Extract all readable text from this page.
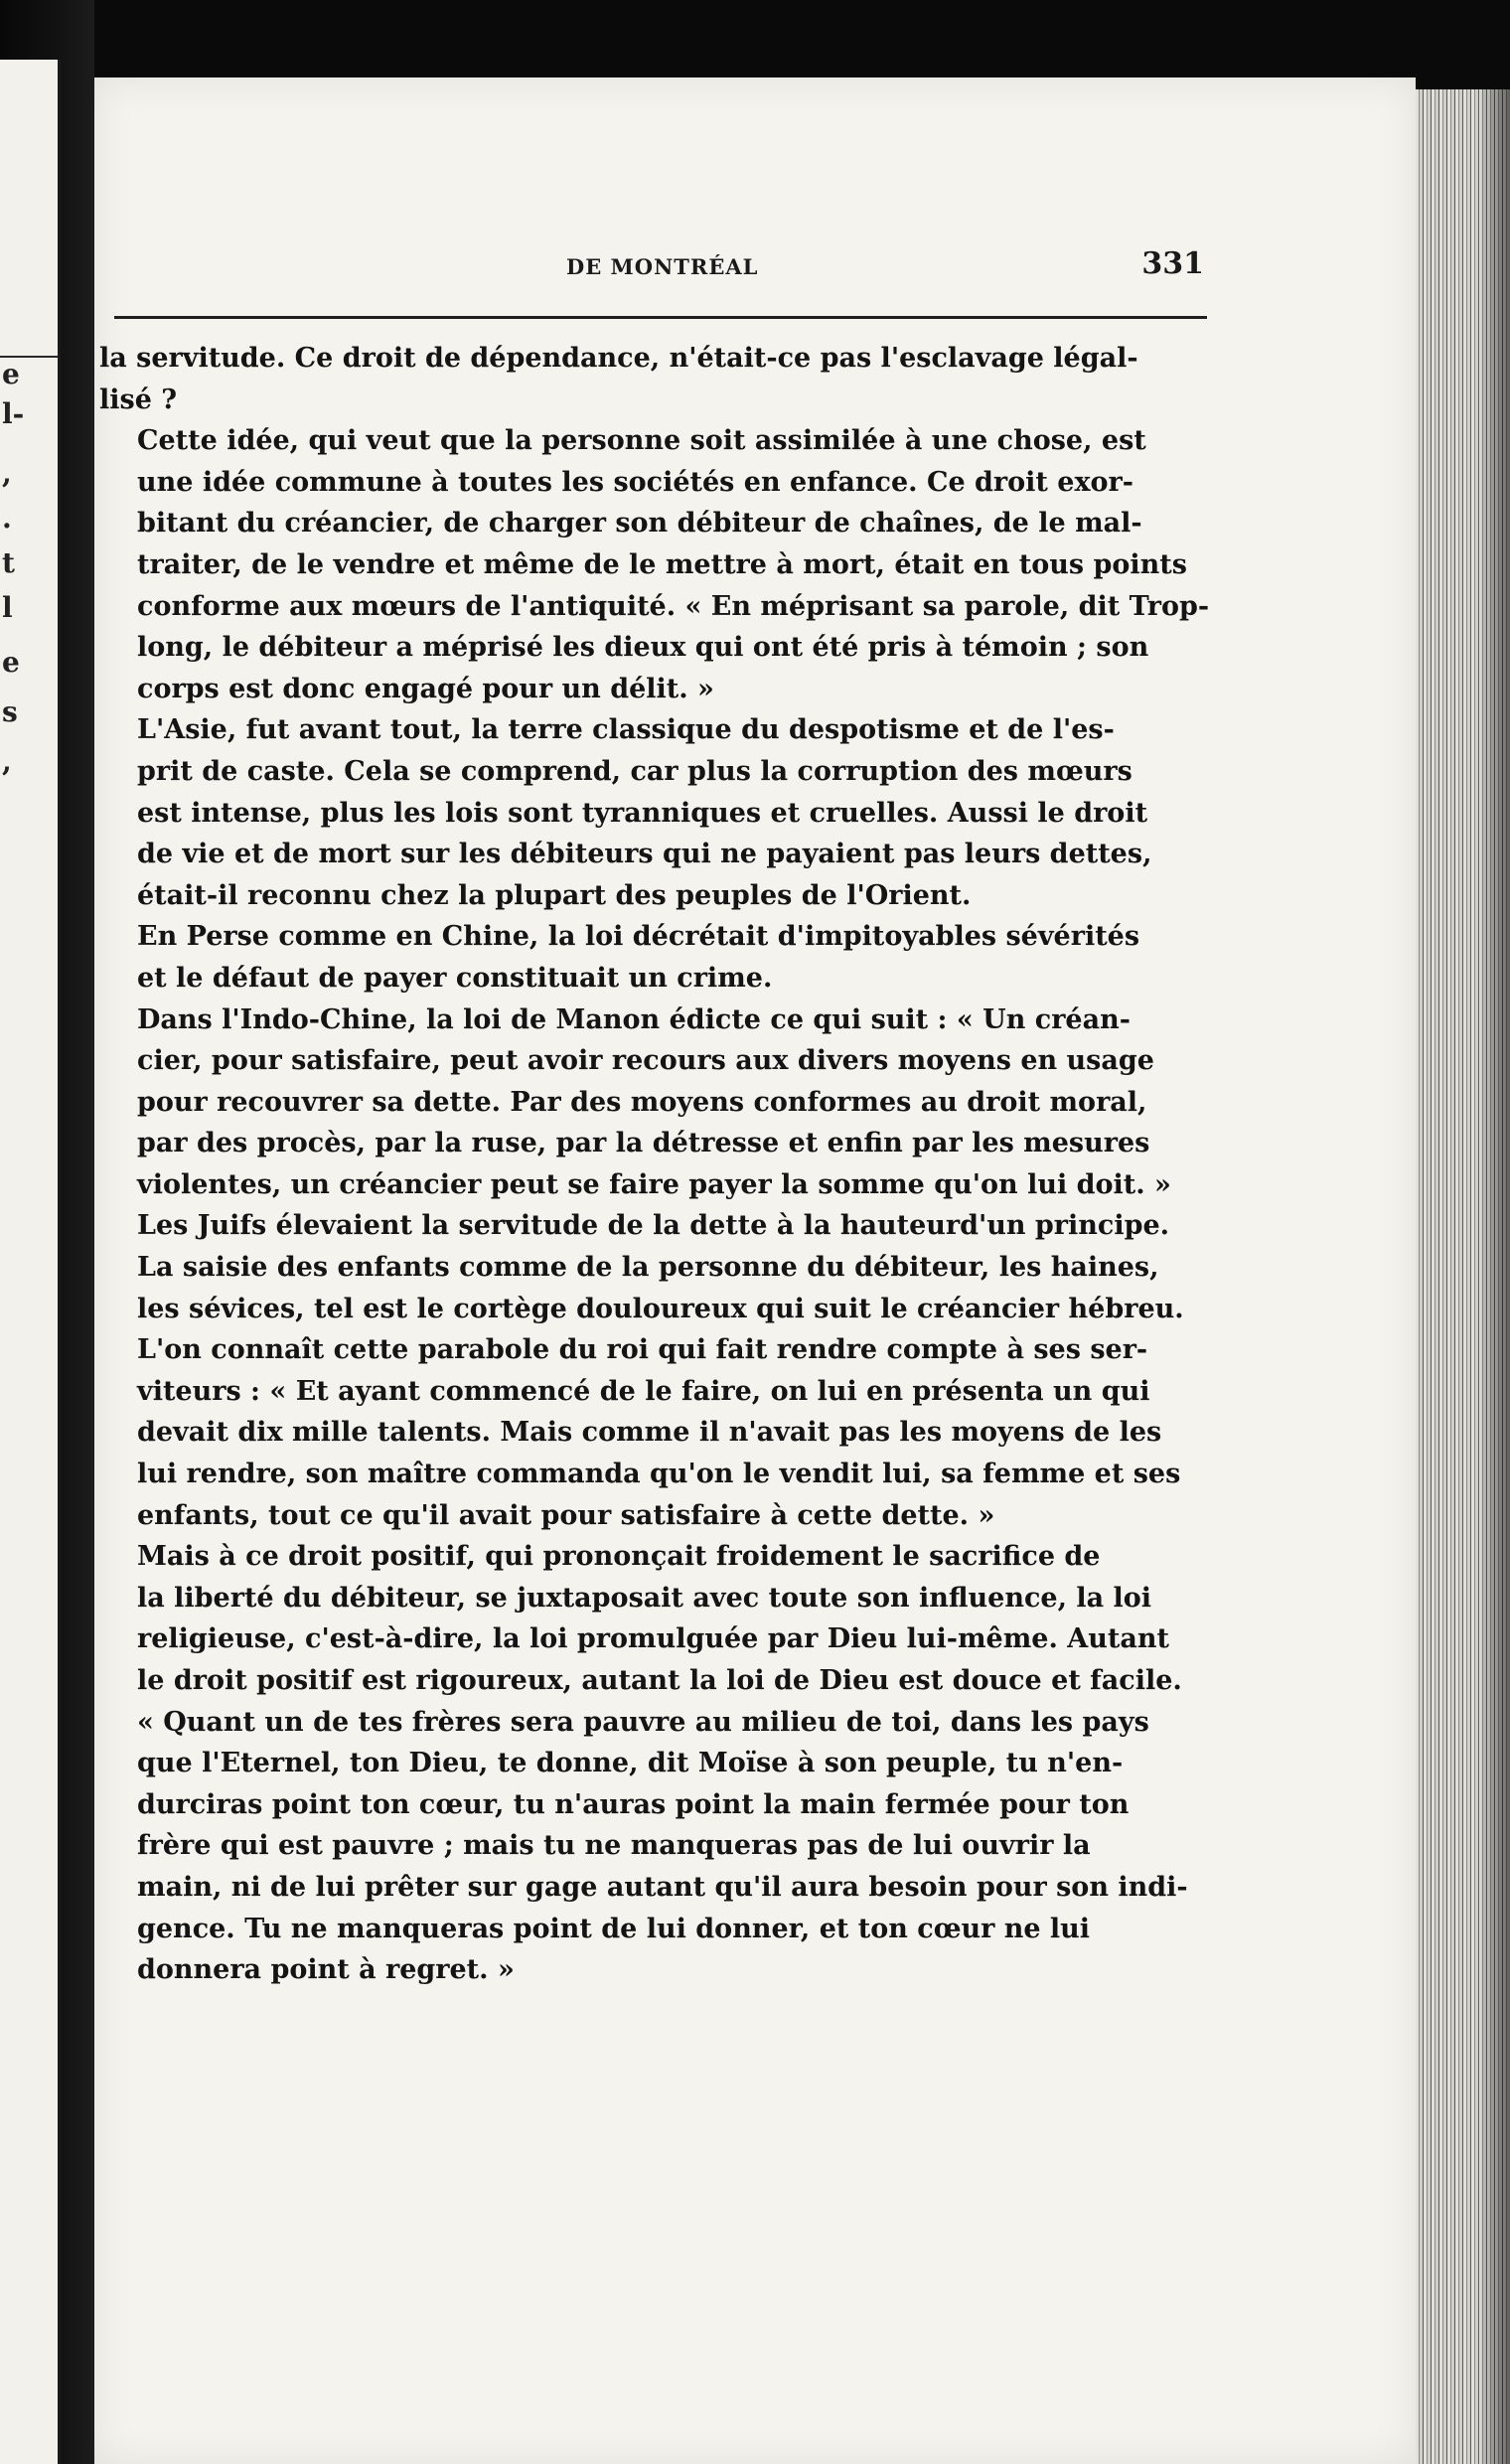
e
l-
,
.
t
l
e
s
,
DE MONTRÉAL	331

la servitude. Ce droit de dépendance, n'était-ce pas l'esclavage légal-
lisé ?

Cette idée, qui veut que la personne soit assimilée à une chose, est
une idée commune à toutes les sociétés en enfance. Ce droit exor-
bitant du créancier, de charger son débiteur de chaînes, de le mal-
traiter, de le vendre et même de le mettre à mort, était en tous points
conforme aux mœurs de l'antiquité. « En méprisant sa parole, dit Trop-
long, le débiteur a méprisé les dieux qui ont été pris à témoin ; son
corps est donc engagé pour un délit. »

L'Asie, fut avant tout, la terre classique du despotisme et de l'es-
prit de caste. Cela se comprend, car plus la corruption des mœurs
est intense, plus les lois sont tyranniques et cruelles. Aussi le droit
de vie et de mort sur les débiteurs qui ne payaient pas leurs dettes,
était-il reconnu chez la plupart des peuples de l'Orient.

En Perse comme en Chine, la loi décrétait d'impitoyables sévérités
et le défaut de payer constituait un crime.

Dans l'Indo-Chine, la loi de Manon édicte ce qui suit : « Un créan-
cier, pour satisfaire, peut avoir recours aux divers moyens en usage
pour recouvrer sa dette. Par des moyens conformes au droit moral,
par des procès, par la ruse, par la détresse et enfin par les mesures
violentes, un créancier peut se faire payer la somme qu'on lui doit. »

Les Juifs élevaient la servitude de la dette à la hauteurd'un principe.
La saisie des enfants comme de la personne du débiteur, les haines,
les sévices, tel est le cortège douloureux qui suit le créancier hébreu.
L'on connaît cette parabole du roi qui fait rendre compte à ses ser-
viteurs : « Et ayant commencé de le faire, on lui en présenta un qui
devait dix mille talents. Mais comme il n'avait pas les moyens de les
lui rendre, son maître commanda qu'on le vendit lui, sa femme et ses
enfants, tout ce qu'il avait pour satisfaire à cette dette. »

Mais à ce droit positif, qui prononçait froidement le sacrifice de
la liberté du débiteur, se juxtaposait avec toute son influence, la loi
religieuse, c'est-à-dire, la loi promulguée par Dieu lui-même. Autant
le droit positif est rigoureux, autant la loi de Dieu est douce et facile.
« Quant un de tes frères sera pauvre au milieu de toi, dans les pays
que l'Eternel, ton Dieu, te donne, dit Moïse à son peuple, tu n'en-
durciras point ton cœur, tu n'auras point la main fermée pour ton
frère qui est pauvre ; mais tu ne manqueras pas de lui ouvrir la
main, ni de lui prêter sur gage autant qu'il aura besoin pour son indi-
gence. Tu ne manqueras point de lui donner, et ton cœur ne lui
donnera point à regret. »
